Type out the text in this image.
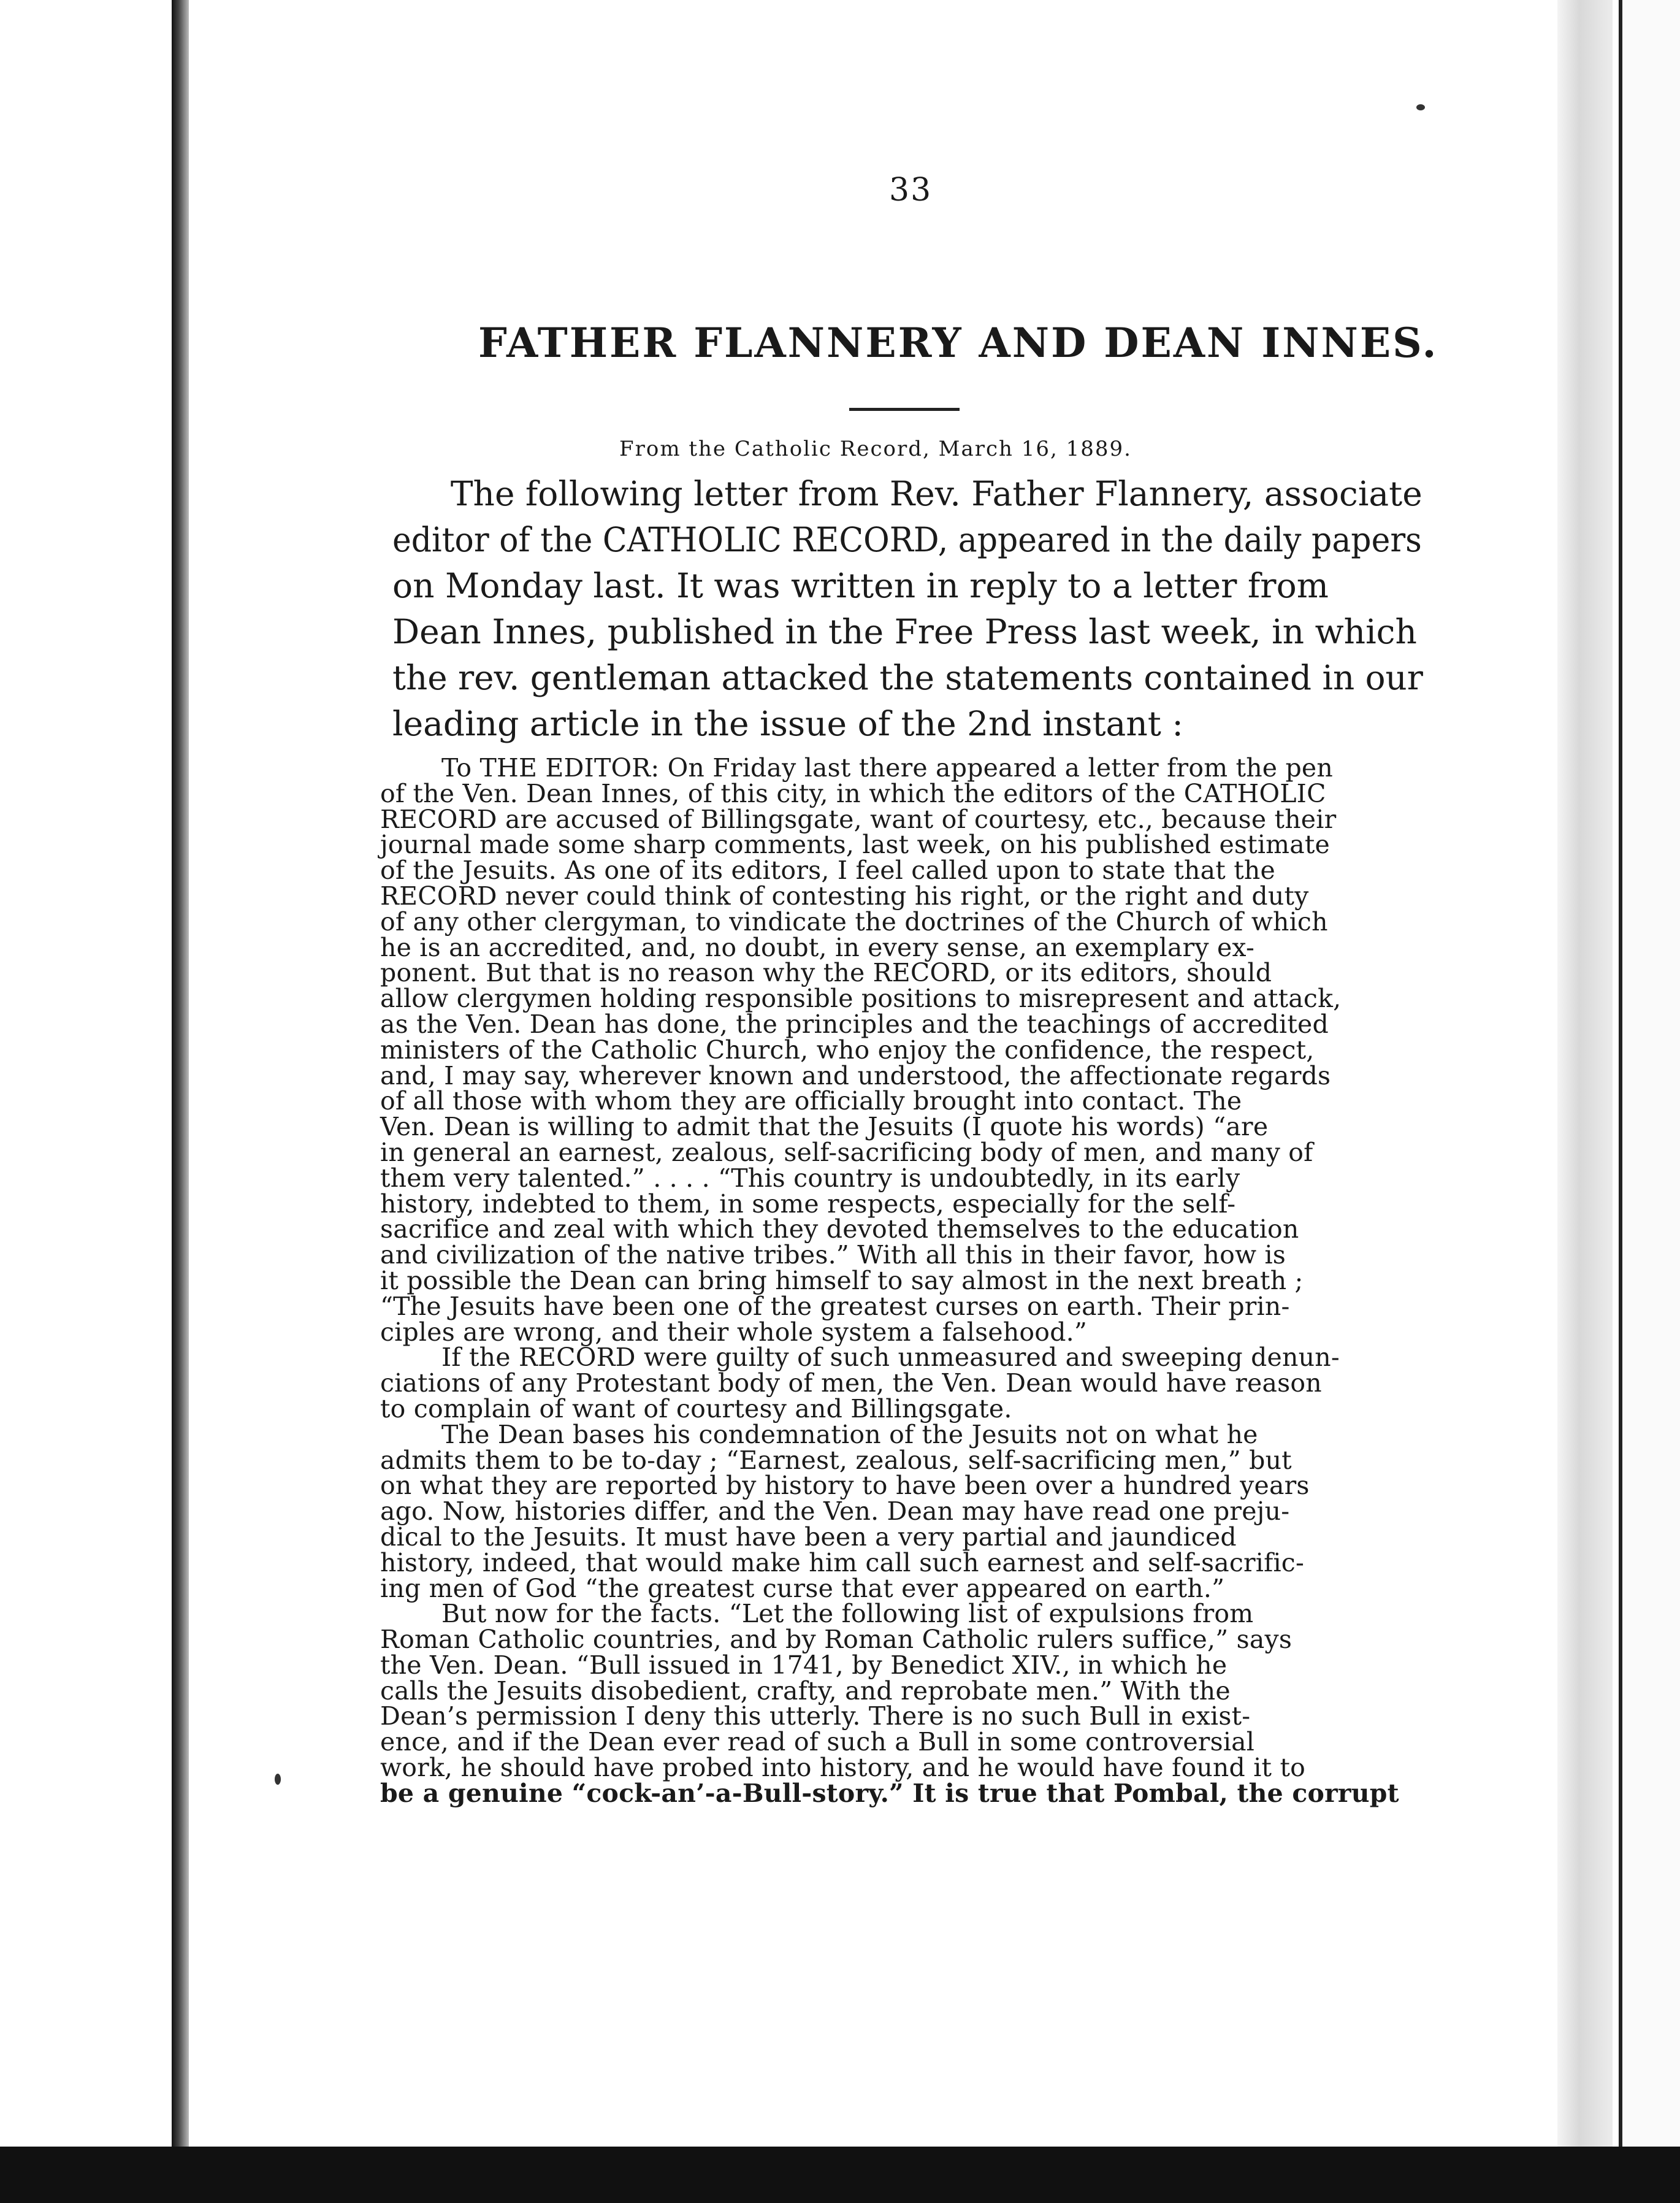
33
FATHER FLANNERY AND DEAN INNES.
From the Catholic Record, March 16, 1889.
The following letter from Rev. Father Flannery, associate
editor of the CATHOLIC RECORD, appeared in the daily papers
on Monday last. It was written in reply to a letter from
Dean Innes, published in the Free Press last week, in which
the rev. gentleman attacked the statements contained in our
leading article in the issue of the 2nd instant :
To THE EDITOR: On Friday last there appeared a letter from the pen
of the Ven. Dean Innes, of this city, in which the editors of the CATHOLIC
RECORD are accused of Billingsgate, want of courtesy, etc., because their
journal made some sharp comments, last week, on his published estimate
of the Jesuits. As one of its editors, I feel called upon to state that the
RECORD never could think of contesting his right, or the right and duty
of any other clergyman, to vindicate the doctrines of the Church of which
he is an accredited, and, no doubt, in every sense, an exemplary ex-
ponent. But that is no reason why the RECORD, or its editors, should
allow clergymen holding responsible positions to misrepresent and attack,
as the Ven. Dean has done, the principles and the teachings of accredited
ministers of the Catholic Church, who enjoy the confidence, the respect,
and, I may say, wherever known and understood, the affectionate regards
of all those with whom they are officially brought into contact. The
Ven. Dean is willing to admit that the Jesuits (I quote his words) “are
in general an earnest, zealous, self-sacrificing body of men, and many of
them very talented.” . . . . “This country is undoubtedly, in its early
history, indebted to them, in some respects, especially for the self-
sacrifice and zeal with which they devoted themselves to the education
and civilization of the native tribes.” With all this in their favor, how is
it possible the Dean can bring himself to say almost in the next breath ;
“The Jesuits have been one of the greatest curses on earth. Their prin-
ciples are wrong, and their whole system a falsehood.”
If the RECORD were guilty of such unmeasured and sweeping denun-
ciations of any Protestant body of men, the Ven. Dean would have reason
to complain of want of courtesy and Billingsgate.
The Dean bases his condemnation of the Jesuits not on what he
admits them to be to-day ; “Earnest, zealous, self-sacrificing men,” but
on what they are reported by history to have been over a hundred years
ago. Now, histories differ, and the Ven. Dean may have read one preju-
dical to the Jesuits. It must have been a very partial and jaundiced
history, indeed, that would make him call such earnest and self-sacrific-
ing men of God “the greatest curse that ever appeared on earth.”
But now for the facts. “Let the following list of expulsions from
Roman Catholic countries, and by Roman Catholic rulers suffice,” says
the Ven. Dean. “Bull issued in 1741, by Benedict XIV., in which he
calls the Jesuits disobedient, crafty, and reprobate men.” With the
Dean’s permission I deny this utterly. There is no such Bull in exist-
ence, and if the Dean ever read of such a Bull in some controversial
work, he should have probed into history, and he would have found it to
be a genuine “cock-an’-a-Bull-story.” It is true that Pombal, the corrupt
